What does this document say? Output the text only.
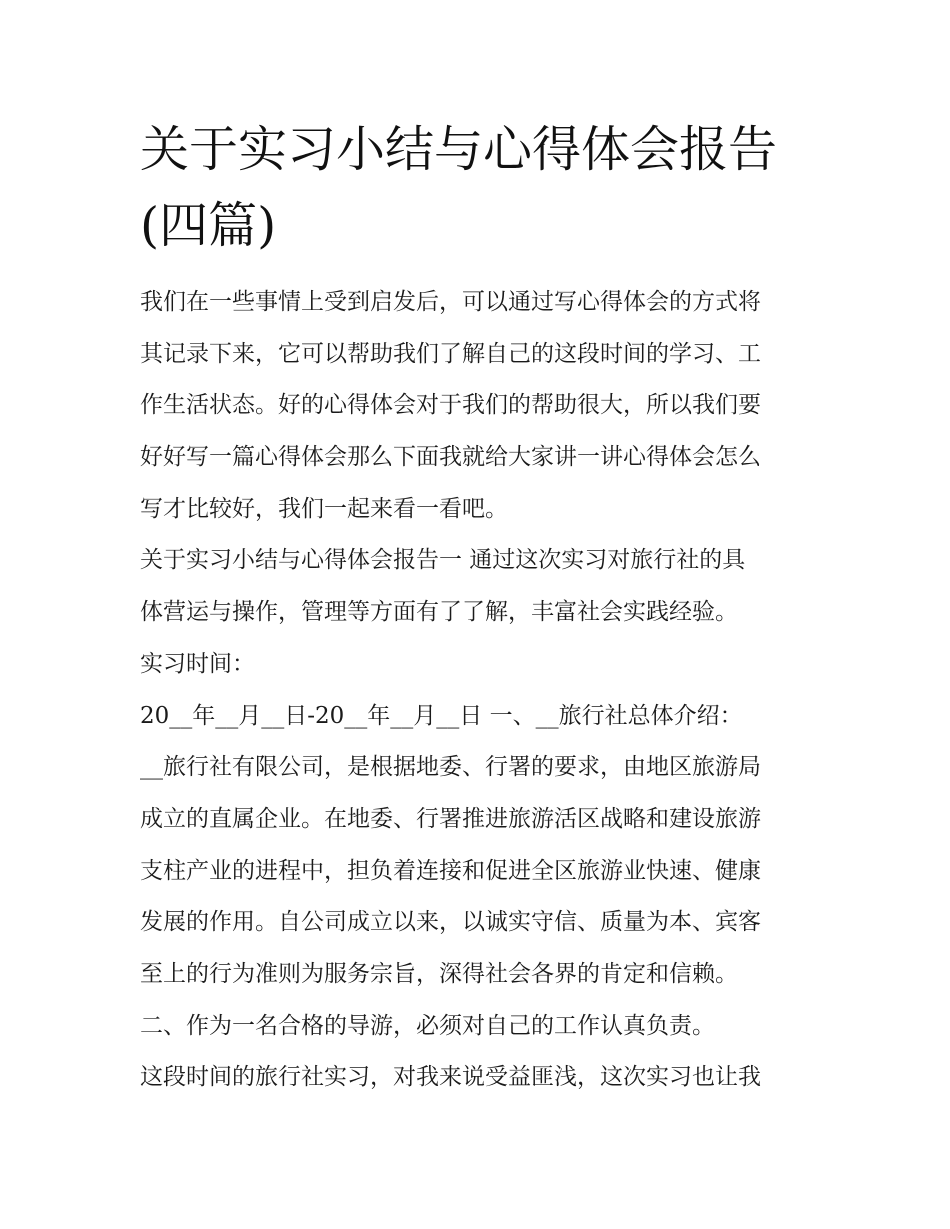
关于实习小结与心得体会报告
(四篇)

我们在一些事情上受到启发后，可以通过写心得体会的方式将

其记录下来，它可以帮助我们了解自己的这段时间的学习、工

作生活状态。好的心得体会对于我们的帮助很大，所以我们要

好好写一篇心得体会那么下面我就给大家讲一讲心得体会怎么

写才比较好，我们一起来看一看吧。

关于实习小结与心得体会报告一 通过这次实习对旅行社的具

体营运与操作，管理等方面有了了解，丰富社会实践经验。

实习时间：

20__年__月__日-20__年__月__日 一、__旅行社总体介绍：

__旅行社有限公司，是根据地委、行署的要求，由地区旅游局

成立的直属企业。在地委、行署推进旅游活区战略和建设旅游

支柱产业的进程中，担负着连接和促进全区旅游业快速、健康

发展的作用。自公司成立以来，以诚实守信、质量为本、宾客

至上的行为准则为服务宗旨，深得社会各界的肯定和信赖。

二、作为一名合格的导游，必须对自己的工作认真负责。

这段时间的旅行社实习，对我来说受益匪浅，这次实习也让我
